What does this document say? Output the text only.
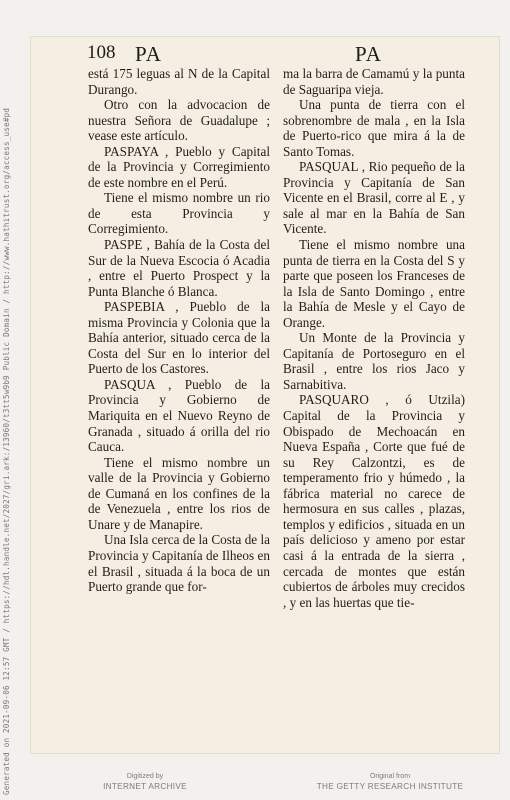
108 PA	PA

está 175 leguas al N de la Capital Durango.

Otro con la advocacion de nuestra Señora de Guadalupe ; vease este artículo.

PASPAYA , Pueblo y Capital de la Provincia y Corregimiento de este nombre en el Perú.

Tiene el mismo nombre un rio de esta Provincia y Corregimiento.

PASPE , Bahía de la Costa del Sur de la Nueva Escocia ó Acadia , entre el Puerto Prospect y la Punta Blanche ó Blanca.

PASPEBIA , Pueblo de la misma Provincia y Colonia que la Bahía anterior, situado cerca de la Costa del Sur en lo interior del Puerto de los Castores.

PASQUA , Pueblo de la Provincia y Gobierno de Mariquita en el Nuevo Reyno de Granada , situado á orilla del rio Cauca.

Tiene el mismo nombre un valle de la Provincia y Gobierno de Cumaná en los confines de la de Venezuela , entre los rios de Unare y de Manapire.

Una Isla cerca de la Costa de la Provincia y Capitanía de Ilheos en el Brasil , situada á la boca de un Puerto grande que for-

ma la barra de Camamú y la punta de Saguaripa vieja.

Una punta de tierra con el sobrenombre de mala , en la Isla de Puerto-rico que mira á la de Santo Tomas.

PASQUAL , Rio pequeño de la Provincia y Capitanía de San Vicente en el Brasil, corre al E , y sale al mar en la Bahía de San Vicente.

Tiene el mismo nombre una punta de tierra en la Costa del S y parte que poseen los Franceses de la Isla de Santo Domingo , entre la Bahía de Mesle y el Cayo de Orange.

Un Monte de la Provincia y Capitanía de Portoseguro en el Brasil , entre los rios Jaco y Sarnabitiva.

PASQUARO , ó Utzila) Capital de la Provincia y Obispado de Mechoacán en Nueva España , Corte que fué de su Rey Calzontzi, es de temperamento frio y húmedo , la fábrica material no carece de hermosura en sus calles , plazas, templos y edificios , situada en un país delicioso y ameno por estar casi á la entrada de la sierra , cercada de montes que están cubiertos de árboles muy crecidos , y en las huertas que tie-

Generated on 2021-09-06 12:57 GMT / https://hdl.handle.net/2027/gri.ark:/13960/t3tt5w9b9 Public Domain / http://www.hathitrust.org/access_use#pd	Digitized by
INTERNET ARCHIVE
Original from
THE GETTY RESEARCH INSTITUTE
